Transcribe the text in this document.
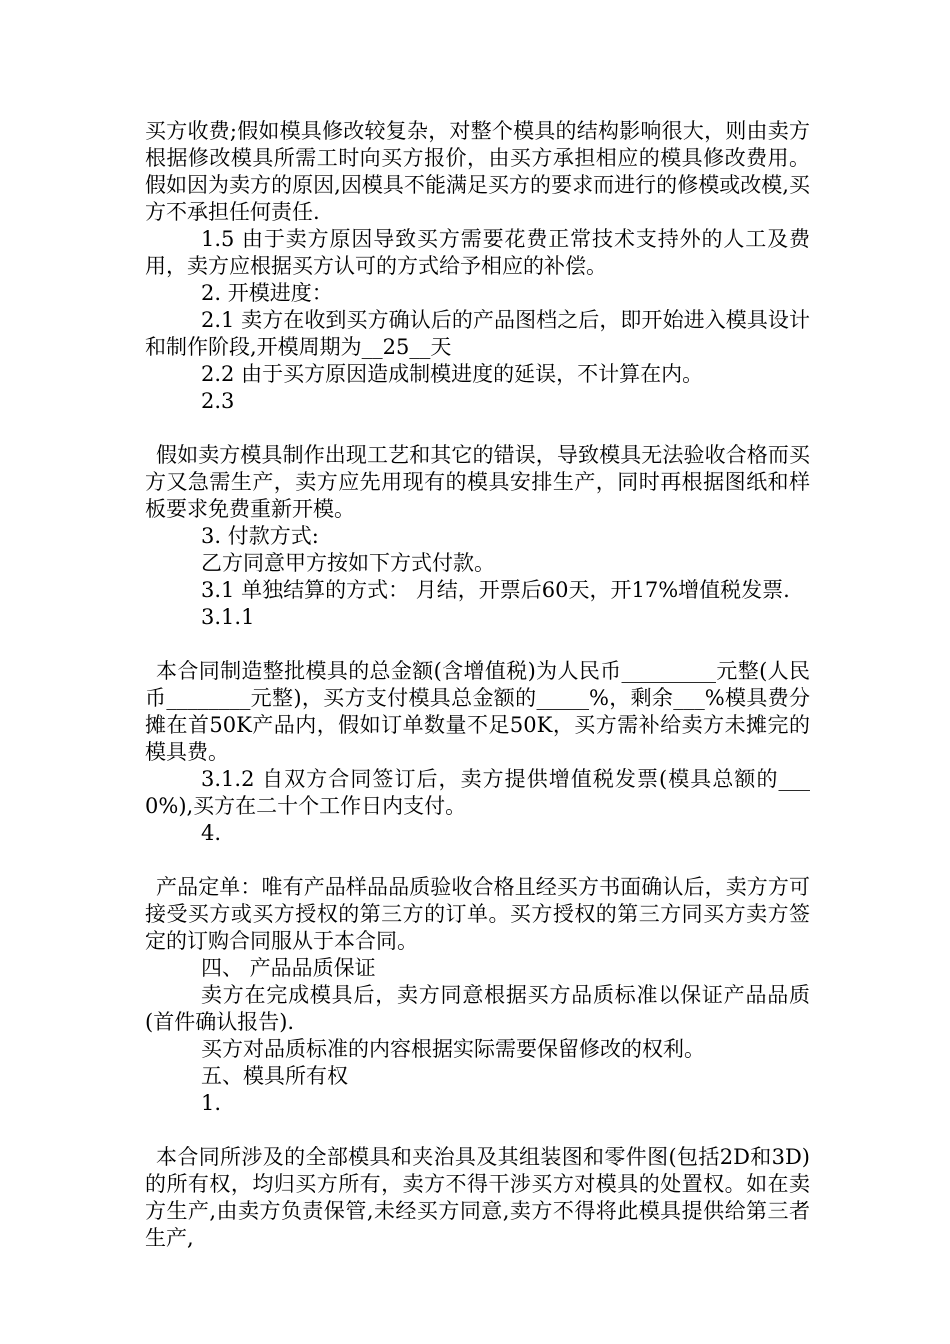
买方收费;假如模具修改较复杂，对整个模具的结构影响很大，则由卖方根据修改模具所需工时向买方报价，由买方承担相应的模具修改费用。假如因为卖方的原因,因模具不能满足买方的要求而进行的修模或改模,买方不承担任何责任.

1.5 由于卖方原因导致买方需要花费正常技术支持外的人工及费用，卖方应根据买方认可的方式给予相应的补偿。

2. 开模进度：

2.1 卖方在收到买方确认后的产品图档之后，即开始进入模具设计和制作阶段,开模周期为__25__天

2.2 由于买方原因造成制模进度的延误，不计算在内。

2.3

假如卖方模具制作出现工艺和其它的错误，导致模具无法验收合格而买方又急需生产，卖方应先用现有的模具安排生产，同时再根据图纸和样板要求免费重新开模。

3. 付款方式:

乙方同意甲方按如下方式付款。

3.1 单独结算的方式： 月结，开票后60天，开17%增值税发票.

3.1.1

本合同制造整批模具的总金额(含增值税)为人民币_________元整(人民币________元整)，买方支付模具总金额的_____%，剩余___%模具费分摊在首50K产品内，假如订单数量不足50K，买方需补给卖方未摊完的模具费。

3.1.2 自双方合同签订后，卖方提供增值税发票(模具总额的___0%),买方在二十个工作日内支付。

4.

产品定单：唯有产品样品品质验收合格且经买方书面确认后，卖方方可接受买方或买方授权的第三方的订单。买方授权的第三方同买方卖方签定的订购合同服从于本合同。

四、 产品品质保证

卖方在完成模具后，卖方同意根据买方品质标准以保证产品品质(首件确认报告).

买方对品质标准的内容根据实际需要保留修改的权利。

五、模具所有权

1.

本合同所涉及的全部模具和夹治具及其组装图和零件图(包括2D和3D)的所有权，均归买方所有，卖方不得干涉买方对模具的处置权。如在卖方生产,由卖方负责保管,未经买方同意,卖方不得将此模具提供给第三者生产,
